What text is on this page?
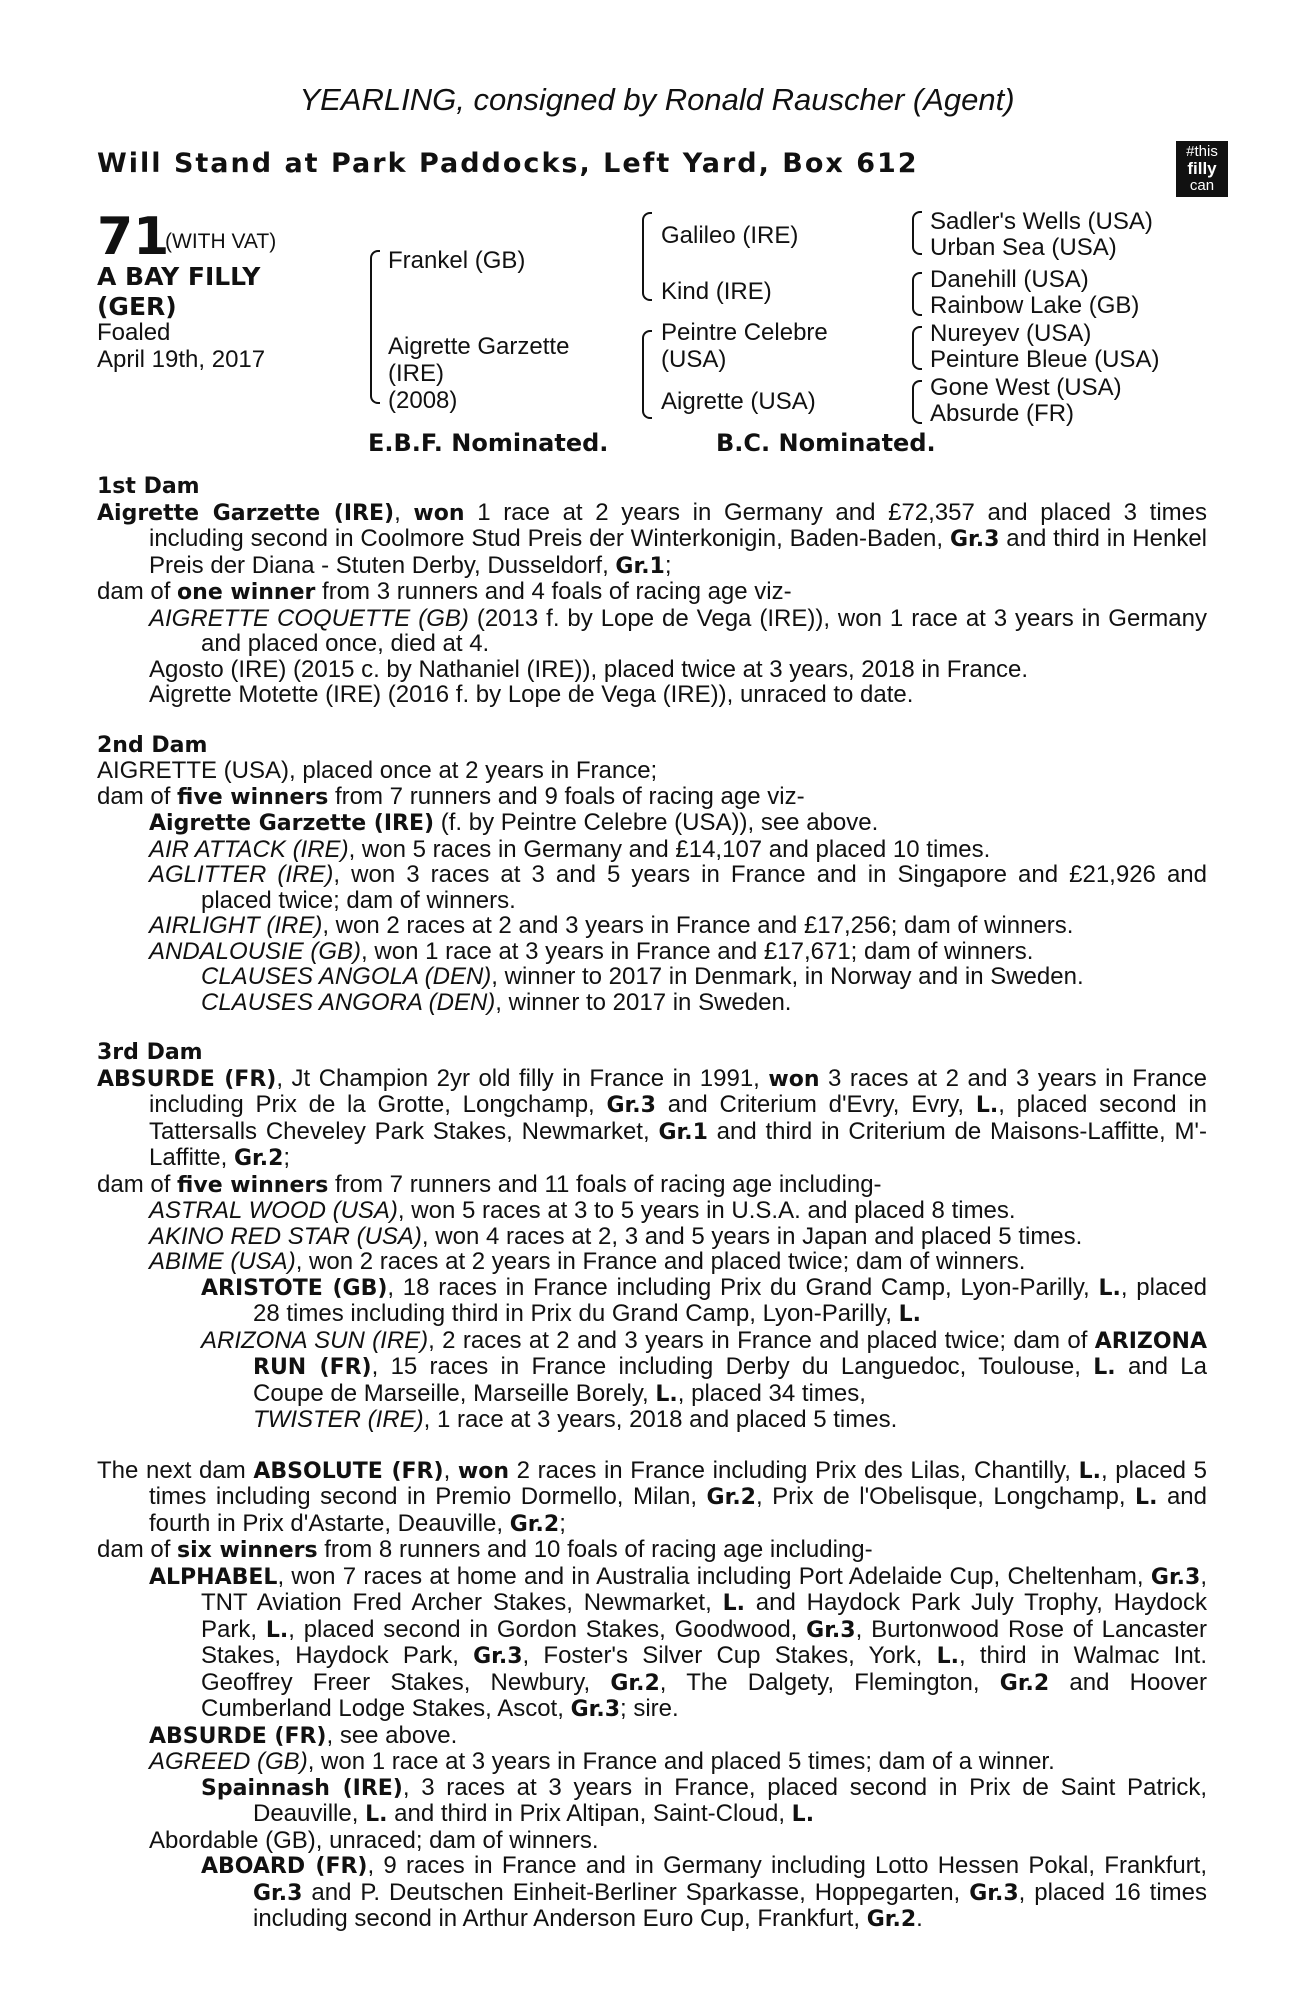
YEARLING, consigned by Ronald Rauscher (Agent)
Will Stand at Park Paddocks, Left Yard, Box 612	#this
filly
can
71
(WITH VAT)
A BAY FILLY
(GER)
Foaled
April 19th, 2017
Frankel (GB)
Aigrette Garzette
(IRE)
(2008)
Galileo (IRE)
Kind (IRE)
Peintre Celebre
(USA)
Aigrette (USA)
Sadler's Wells (USA)
Urban Sea (USA)
Danehill (USA)
Rainbow Lake (GB)
Nureyev (USA)
Peinture Bleue (USA)
Gone West (USA)
Absurde (FR)
E.B.F. Nominated.	B.C. Nominated.

1st Dam

Aigrette Garzette (IRE), won 1 race at 2 years in Germany and £72,357 and placed 3 times including second in Coolmore Stud Preis der Winterkonigin, Baden-Baden, Gr.3 and third in Henkel Preis der Diana - Stuten Derby, Dusseldorf, Gr.1;

dam of one winner from 3 runners and 4 foals of racing age viz-

AIGRETTE COQUETTE (GB) (2013 f. by Lope de Vega (IRE)), won 1 race at 3 years in Germany and placed once, died at 4.

Agosto (IRE) (2015 c. by Nathaniel (IRE)), placed twice at 3 years, 2018 in France.

Aigrette Motette (IRE) (2016 f. by Lope de Vega (IRE)), unraced to date.

2nd Dam

AIGRETTE (USA), placed once at 2 years in France;

dam of five winners from 7 runners and 9 foals of racing age viz-

Aigrette Garzette (IRE) (f. by Peintre Celebre (USA)), see above.

AIR ATTACK (IRE), won 5 races in Germany and £14,107 and placed 10 times.

AGLITTER (IRE), won 3 races at 3 and 5 years in France and in Singapore and £21,926 and placed twice; dam of winners.

AIRLIGHT (IRE), won 2 races at 2 and 3 years in France and £17,256; dam of winners.

ANDALOUSIE (GB), won 1 race at 3 years in France and £17,671; dam of winners.

CLAUSES ANGOLA (DEN), winner to 2017 in Denmark, in Norway and in Sweden.

CLAUSES ANGORA (DEN), winner to 2017 in Sweden.

3rd Dam

ABSURDE (FR), Jt Champion 2yr old filly in France in 1991, won 3 races at 2 and 3 years in France including Prix de la Grotte, Longchamp, Gr.3 and Criterium d'Evry, Evry, L., placed second in Tattersalls Cheveley Park Stakes, Newmarket, Gr.1 and third in Criterium de Maisons-Laffitte, M'-Laffitte, Gr.2;

dam of five winners from 7 runners and 11 foals of racing age including-

ASTRAL WOOD (USA), won 5 races at 3 to 5 years in U.S.A. and placed 8 times.

AKINO RED STAR (USA), won 4 races at 2, 3 and 5 years in Japan and placed 5 times.

ABIME (USA), won 2 races at 2 years in France and placed twice; dam of winners.

ARISTOTE (GB), 18 races in France including Prix du Grand Camp, Lyon-Parilly, L., placed 28 times including third in Prix du Grand Camp, Lyon-Parilly, L.

ARIZONA SUN (IRE), 2 races at 2 and 3 years in France and placed twice; dam of ARIZONA RUN (FR), 15 races in France including Derby du Languedoc, Toulouse, L. and La Coupe de Marseille, Marseille Borely, L., placed 34 times,

TWISTER (IRE), 1 race at 3 years, 2018 and placed 5 times.

The next dam ABSOLUTE (FR), won 2 races in France including Prix des Lilas, Chantilly, L., placed 5 times including second in Premio Dormello, Milan, Gr.2, Prix de l'Obelisque, Longchamp, L. and fourth in Prix d'Astarte, Deauville, Gr.2;

dam of six winners from 8 runners and 10 foals of racing age including-

ALPHABEL, won 7 races at home and in Australia including Port Adelaide Cup, Cheltenham, Gr.3, TNT Aviation Fred Archer Stakes, Newmarket, L. and Haydock Park July Trophy, Haydock Park, L., placed second in Gordon Stakes, Goodwood, Gr.3, Burtonwood Rose of Lancaster Stakes, Haydock Park, Gr.3, Foster's Silver Cup Stakes, York, L., third in Walmac Int. Geoffrey Freer Stakes, Newbury, Gr.2, The Dalgety, Flemington, Gr.2 and Hoover Cumberland Lodge Stakes, Ascot, Gr.3; sire.

ABSURDE (FR), see above.

AGREED (GB), won 1 race at 3 years in France and placed 5 times; dam of a winner.

Spainnash (IRE), 3 races at 3 years in France, placed second in Prix de Saint Patrick, Deauville, L. and third in Prix Altipan, Saint-Cloud, L.

Abordable (GB), unraced; dam of winners.

ABOARD (FR), 9 races in France and in Germany including Lotto Hessen Pokal, Frankfurt, Gr.3 and P. Deutschen Einheit-Berliner Sparkasse, Hoppegarten, Gr.3, placed 16 times including second in Arthur Anderson Euro Cup, Frankfurt, Gr.2.
